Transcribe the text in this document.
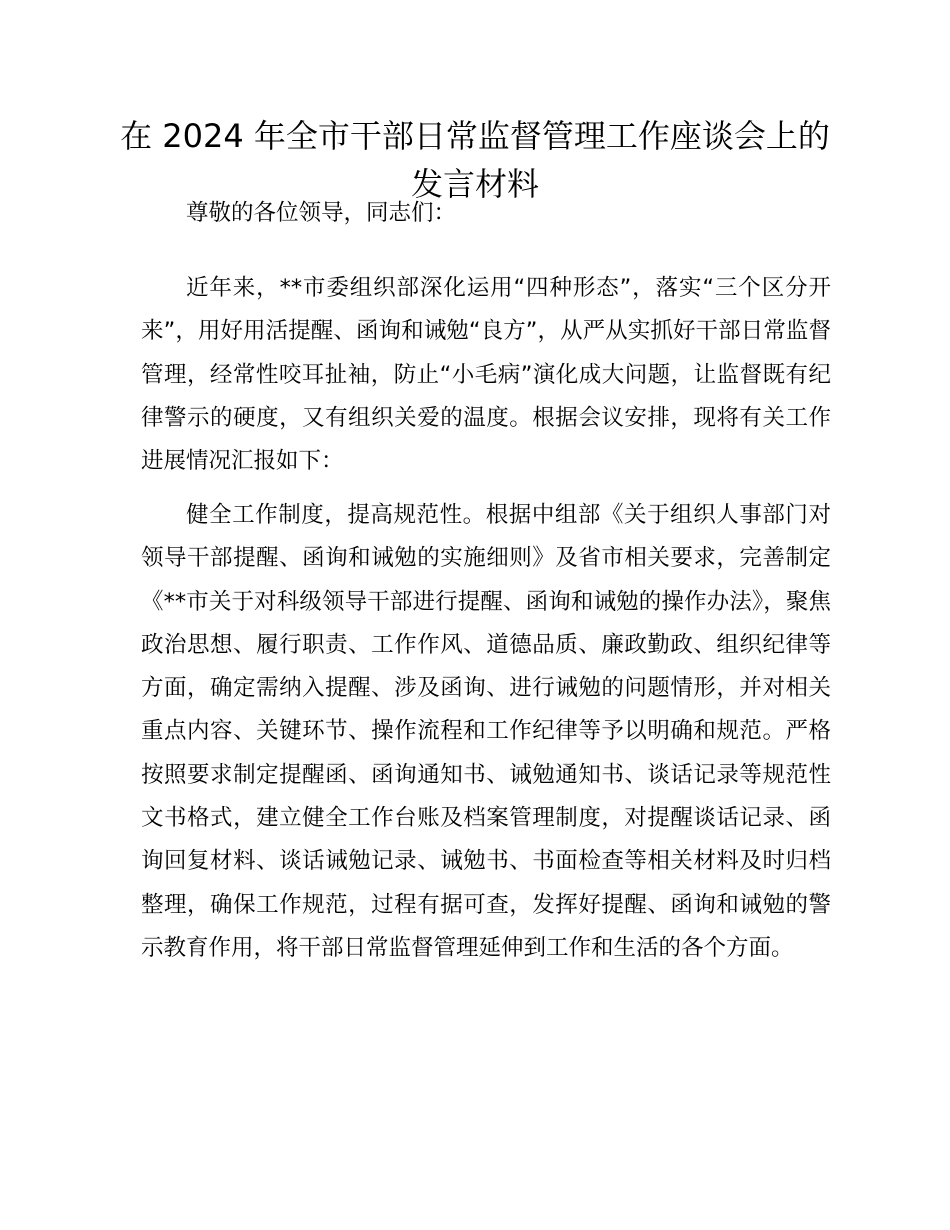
在 2024 年全市干部日常监督管理工作座谈会上的发言材料

尊敬的各位领导，同志们：

近年来，**市委组织部深化运用“四种形态”，落实“三个区分开来”，用好用活提醒、函询和诫勉“良方”，从严从实抓好干部日常监督管理，经常性咬耳扯袖，防止“小毛病”演化成大问题，让监督既有纪律警示的硬度，又有组织关爱的温度。根据会议安排，现将有关工作进展情况汇报如下：

健全工作制度，提高规范性。根据中组部《关于组织人事部门对领导干部提醒、函询和诫勉的实施细则》及省市相关要求，完善制定《**市关于对科级领导干部进行提醒、函询和诫勉的操作办法》，聚焦政治思想、履行职责、工作作风、道德品质、廉政勤政、组织纪律等方面，确定需纳入提醒、涉及函询、进行诫勉的问题情形，并对相关重点内容、关键环节、操作流程和工作纪律等予以明确和规范。严格按照要求制定提醒函、函询通知书、诫勉通知书、谈话记录等规范性文书格式，建立健全工作台账及档案管理制度，对提醒谈话记录、函询回复材料、谈话诫勉记录、诫勉书、书面检查等相关材料及时归档整理，确保工作规范，过程有据可查，发挥好提醒、函询和诫勉的警示教育作用，将干部日常监督管理延伸到工作和生活的各个方面。
